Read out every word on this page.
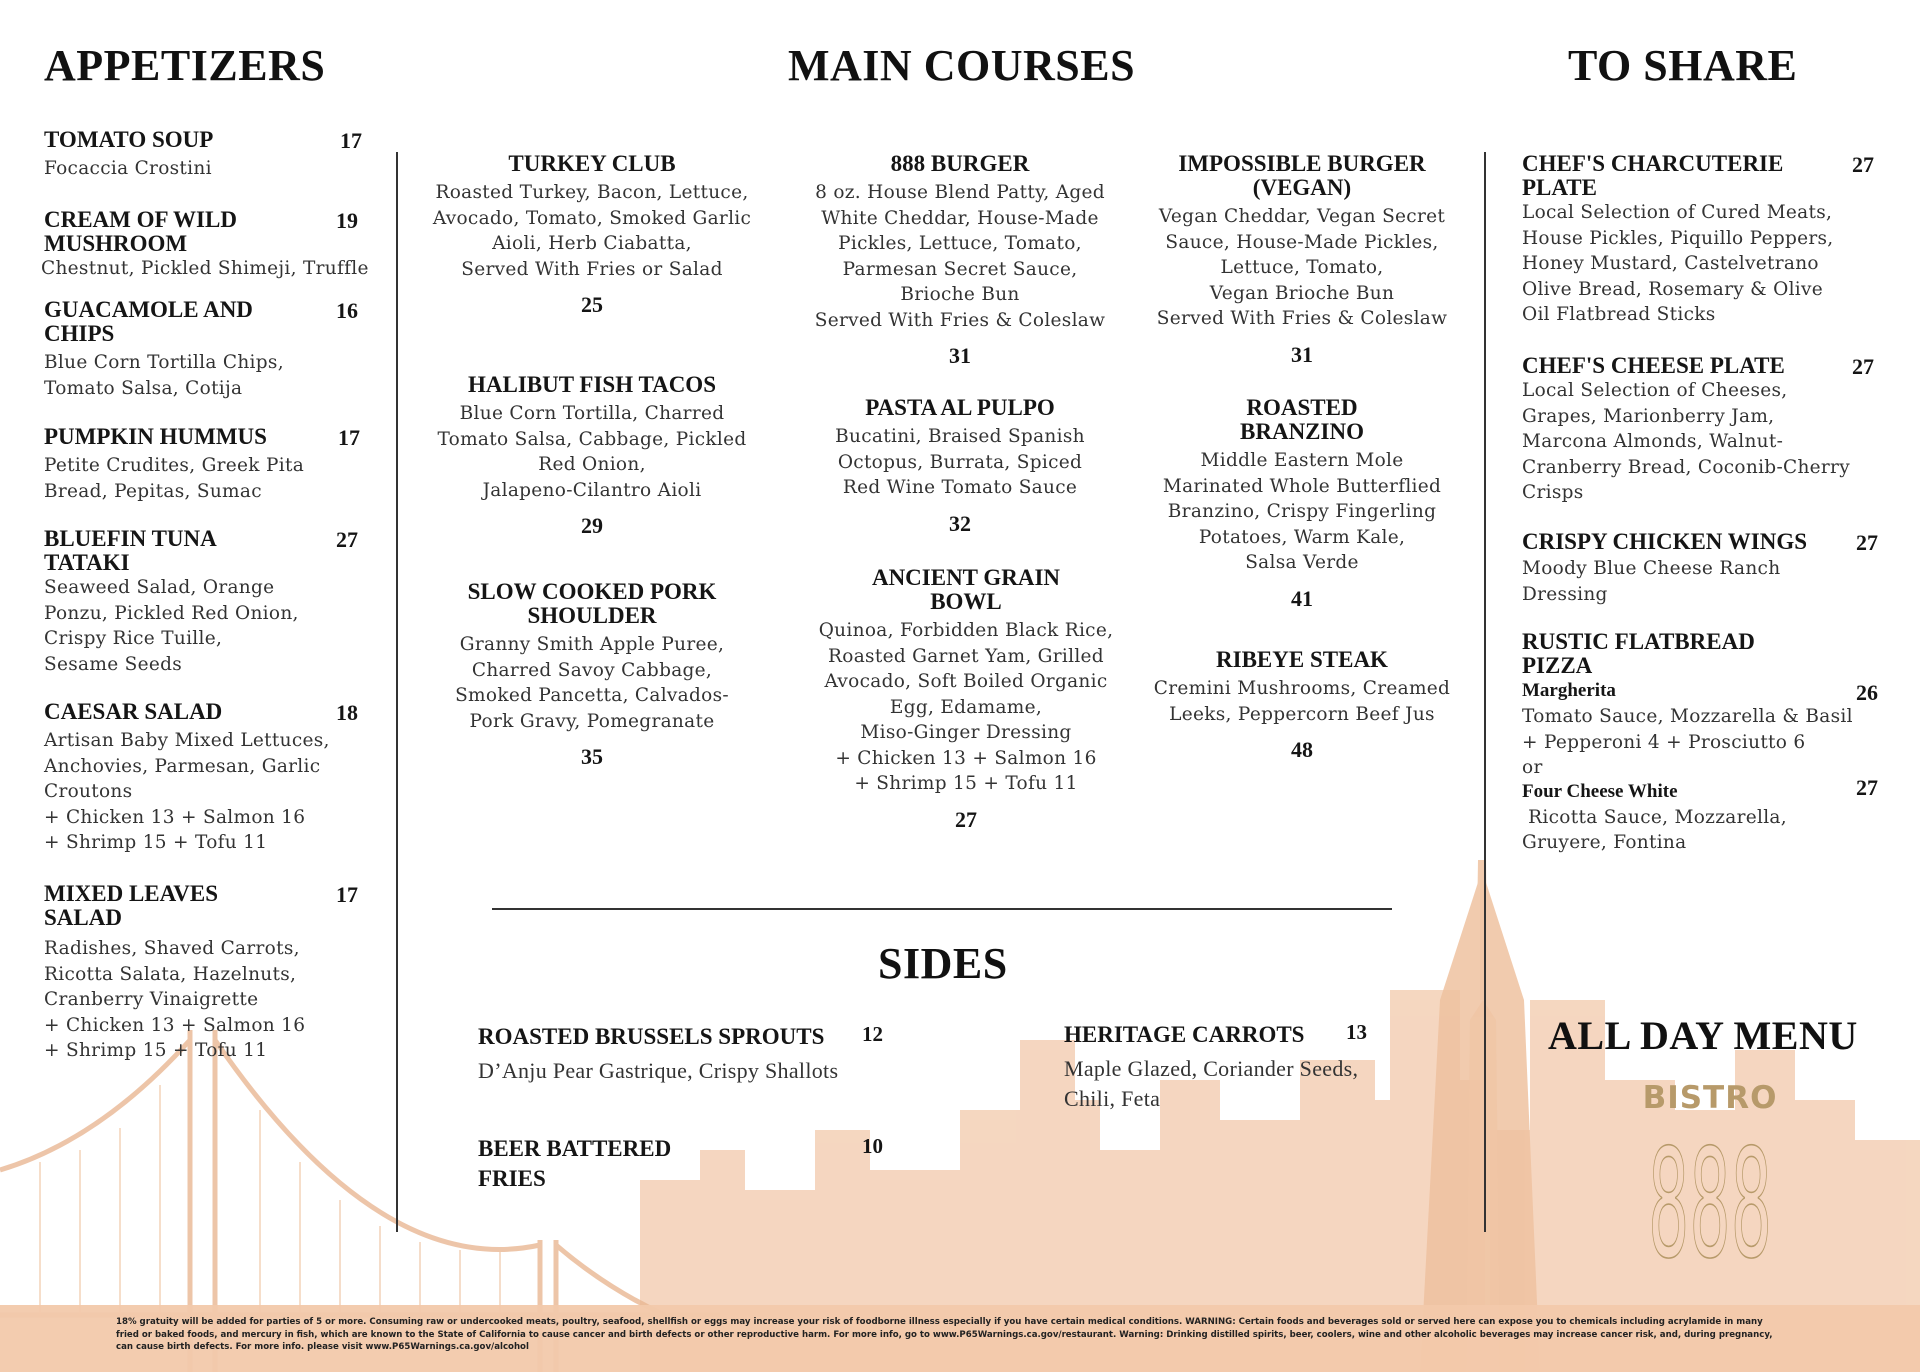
APPETIZERS	MAIN COURSES	TO SHARE
TOMATO SOUP	17
Focaccia Crostini
CREAM OF WILD
MUSHROOM
19
Chestnut, Pickled Shimeji, Truffle
GUACAMOLE AND
CHIPS
16
Blue Corn Tortilla Chips,
Tomato Salsa, Cotija
PUMPKIN HUMMUS	17
Petite Crudites, Greek Pita
Bread, Pepitas, Sumac
BLUEFIN TUNA
TATAKI
27
Seaweed Salad, Orange
Ponzu, Pickled Red Onion,
Crispy Rice Tuille,
Sesame Seeds
CAESAR SALAD	18
Artisan Baby Mixed Lettuces,
Anchovies, Parmesan, Garlic
Croutons
+ Chicken 13 + Salmon 16
+ Shrimp 15 + Tofu 11
MIXED LEAVES
SALAD
17
Radishes, Shaved Carrots,
Ricotta Salata, Hazelnuts,
Cranberry Vinaigrette
+ Chicken 13 + Salmon 16
+ Shrimp 15 + Tofu 11
TURKEY CLUB
Roasted Turkey, Bacon, Lettuce,
Avocado, Tomato, Smoked Garlic
Aioli, Herb Ciabatta,
Served With Fries or Salad
25
HALIBUT FISH TACOS
Blue Corn Tortilla, Charred
Tomato Salsa, Cabbage, Pickled
Red Onion,
Jalapeno-Cilantro Aioli
29
SLOW COOKED PORK
SHOULDER
Granny Smith Apple Puree,
Charred Savoy Cabbage,
Smoked Pancetta, Calvados-
Pork Gravy, Pomegranate
35
888 BURGER
8 oz. House Blend Patty, Aged
White Cheddar, House-Made
Pickles, Lettuce, Tomato,
Parmesan Secret Sauce,
Brioche Bun
Served With Fries & Coleslaw
31
PASTA AL PULPO
Bucatini, Braised Spanish
Octopus, Burrata, Spiced
Red Wine Tomato Sauce
32
ANCIENT GRAIN
BOWL
Quinoa, Forbidden Black Rice,
Roasted Garnet Yam, Grilled
Avocado, Soft Boiled Organic
Egg, Edamame,
Miso-Ginger Dressing
+ Chicken 13 + Salmon 16
+ Shrimp 15 + Tofu 11
27
IMPOSSIBLE BURGER
(VEGAN)
Vegan Cheddar, Vegan Secret
Sauce, House-Made Pickles,
Lettuce, Tomato,
Vegan Brioche Bun
Served With Fries & Coleslaw
31
ROASTED
BRANZINO
Middle Eastern Mole
Marinated Whole Butterflied
Branzino, Crispy Fingerling
Potatoes, Warm Kale,
Salsa Verde
41
RIBEYE STEAK
Cremini Mushrooms, Creamed
Leeks, Peppercorn Beef Jus
48
SIDES
ROASTED BRUSSELS SPROUTS	12
D’Anju Pear Gastrique, Crispy Shallots
HERITAGE CARROTS	13
Maple Glazed, Coriander Seeds,
Chili, Feta
BEER BATTERED
FRIES
10
CHEF'S CHARCUTERIE
PLATE
27
Local Selection of Cured Meats,
House Pickles, Piquillo Peppers,
Honey Mustard, Castelvetrano
Olive Bread, Rosemary & Olive
Oil Flatbread Sticks
CHEF'S CHEESE PLATE	27
Local Selection of Cheeses,
Grapes, Marionberry Jam,
Marcona Almonds, Walnut-
Cranberry Bread, Coconib-Cherry
Crisps
CRISPY CHICKEN WINGS	27
Moody Blue Cheese Ranch
Dressing
RUSTIC FLATBREAD
PIZZA
Margherita	26
Tomato Sauce, Mozzarella & Basil
+ Pepperoni 4 + Prosciutto 6
or
Four Cheese White	27
Ricotta Sauce, Mozzarella,
Gruyere, Fontina
ALL DAY MENU
BISTRO
888
18% gratuity will be added for parties of 5 or more. Consuming raw or undercooked meats, poultry, seafood, shellfish or eggs may increase your risk of foodborne illness especially if you have certain medical conditions. WARNING: Certain foods and beverages sold or served here can expose you to chemicals including acrylamide in many
fried or baked foods, and mercury in fish, which are known to the State of California to cause cancer and birth defects or other reproductive harm. For more info, go to www.P65Warnings.ca.gov/restaurant. Warning: Drinking distilled spirits, beer, coolers, wine and other alcoholic beverages may increase cancer risk, and, during pregnancy,
can cause birth defects. For more info. please visit www.P65Warnings.ca.gov/alcohol
